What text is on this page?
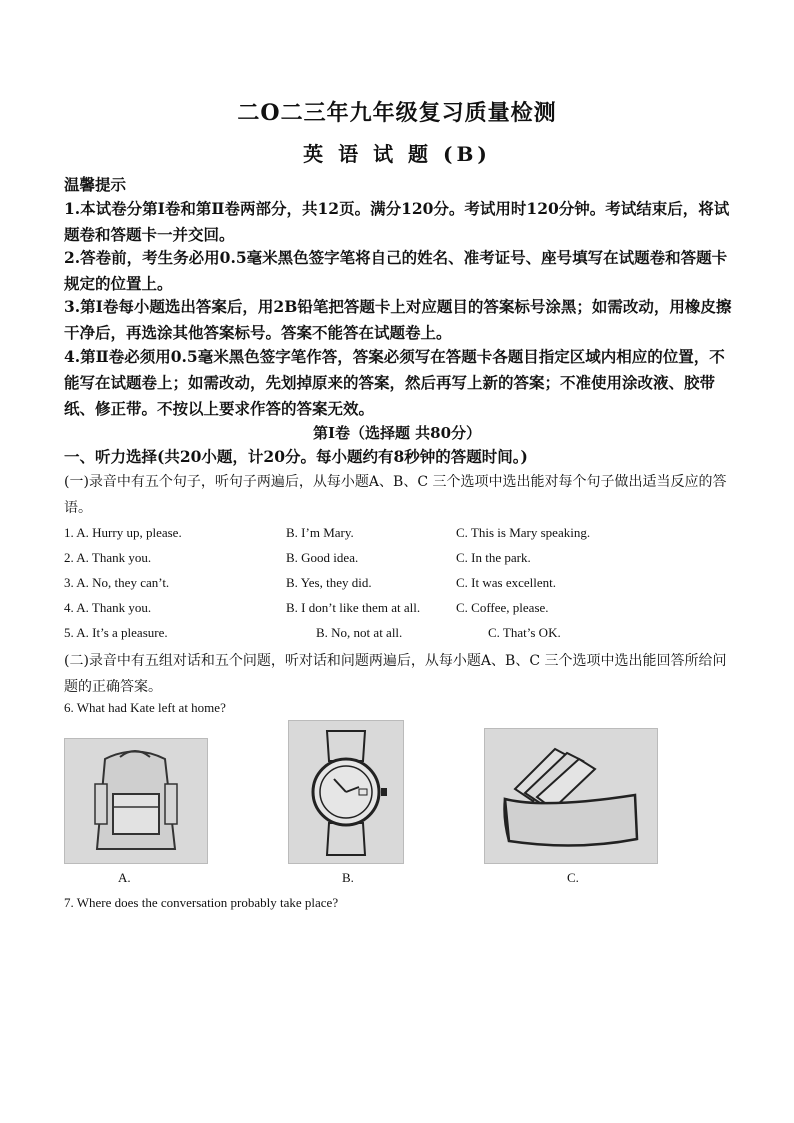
二O二三年九年级复习质量检测
英 语 试 题 (B)
温馨提示
1.本试卷分第Ⅰ卷和第Ⅱ卷两部分，共12页。满分120分。考试用时120分钟。考试结束后，将试题卷和答题卡一并交回。
2.答卷前，考生务必用0.5毫米黑色签字笔将自己的姓名、准考证号、座号填写在试题卷和答题卡规定的位置上。
3.第Ⅰ卷每小题选出答案后，用2B铅笔把答题卡上对应题目的答案标号涂黑；如需改动，用橡皮擦干净后，再选涂其他答案标号。答案不能答在试题卷上。
4.第Ⅱ卷必须用0.5毫米黑色签字笔作答，答案必须写在答题卡各题目指定区域内相应的位置，不能写在试题卷上；如需改动，先划掉原来的答案，然后再写上新的答案；不准使用涂改液、胶带纸、修正带。不按以上要求作答的答案无效。
第Ⅰ卷（选择题 共80分）
一、听力选择(共20小题，计20分。每小题约有8秒钟的答题时间。)
(一)录音中有五个句子，听句子两遍后，从每小题A、B、C 三个选项中选出能对每个句子做出适当反应的答语。
1. A. Hurry up, please.	B. I’m Mary.	C. This is Mary speaking.
2. A. Thank you.	B. Good idea.	C. In the park.
3. A. No, they can’t.	B. Yes, they did.	C. It was excellent.
4. A. Thank you.	B. I don’t like them at all.	C. Coffee, please.
5. A. It’s a pleasure.	B. No, not at all.	C. That’s OK.
(二)录音中有五组对话和五个问题，听对话和问题两遍后，从每小题A、B、C 三个选项中选出能回答所给问题的正确答案。
6. What had Kate left at home?
A.	B.	C.
7. Where does the conversation probably take place?
